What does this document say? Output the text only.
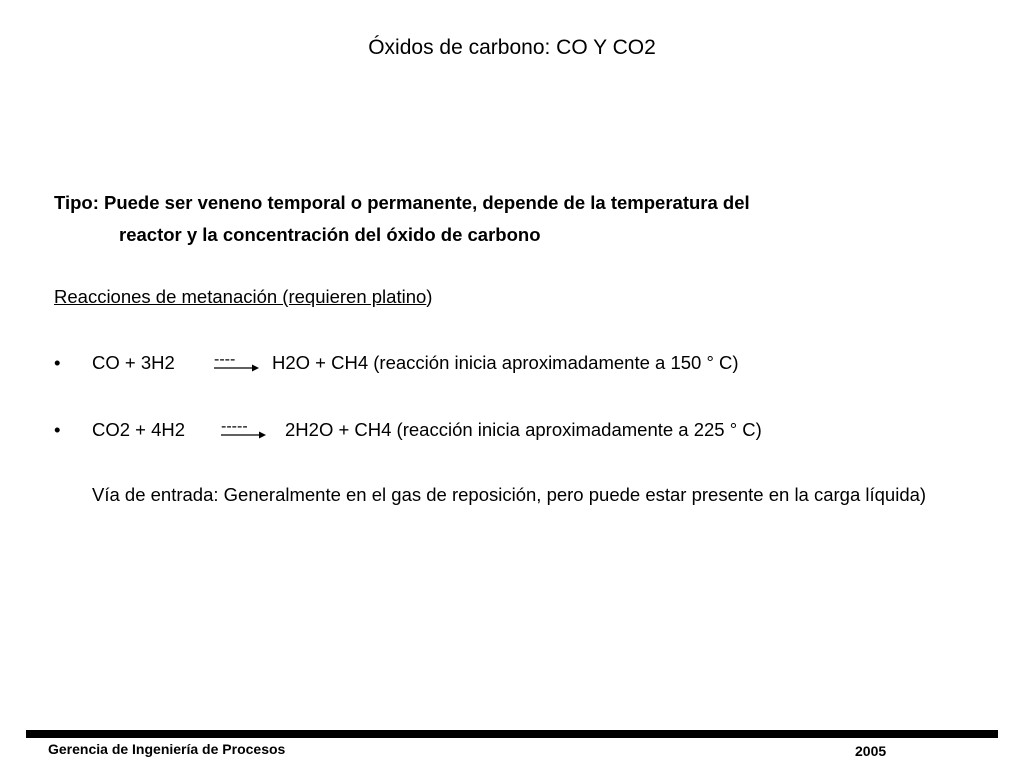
Óxidos de carbono: CO Y CO2
Tipo: Puede ser veneno temporal o permanente, depende de la temperatura del
reactor y la concentración del óxido de carbono
Reacciones de metanación (requieren platino)
• CO + 3H2 ---- H2O + CH4 (reacción inicia aproximadamente a 150 ° C)
• CO2 + 4H2 ----- 2H2O + CH4 (reacción inicia aproximadamente a 225 ° C)
Vía de entrada: Generalmente en el gas de reposición, pero puede estar presente en la carga líquida)
Gerencia de Ingeniería de Procesos	2005
